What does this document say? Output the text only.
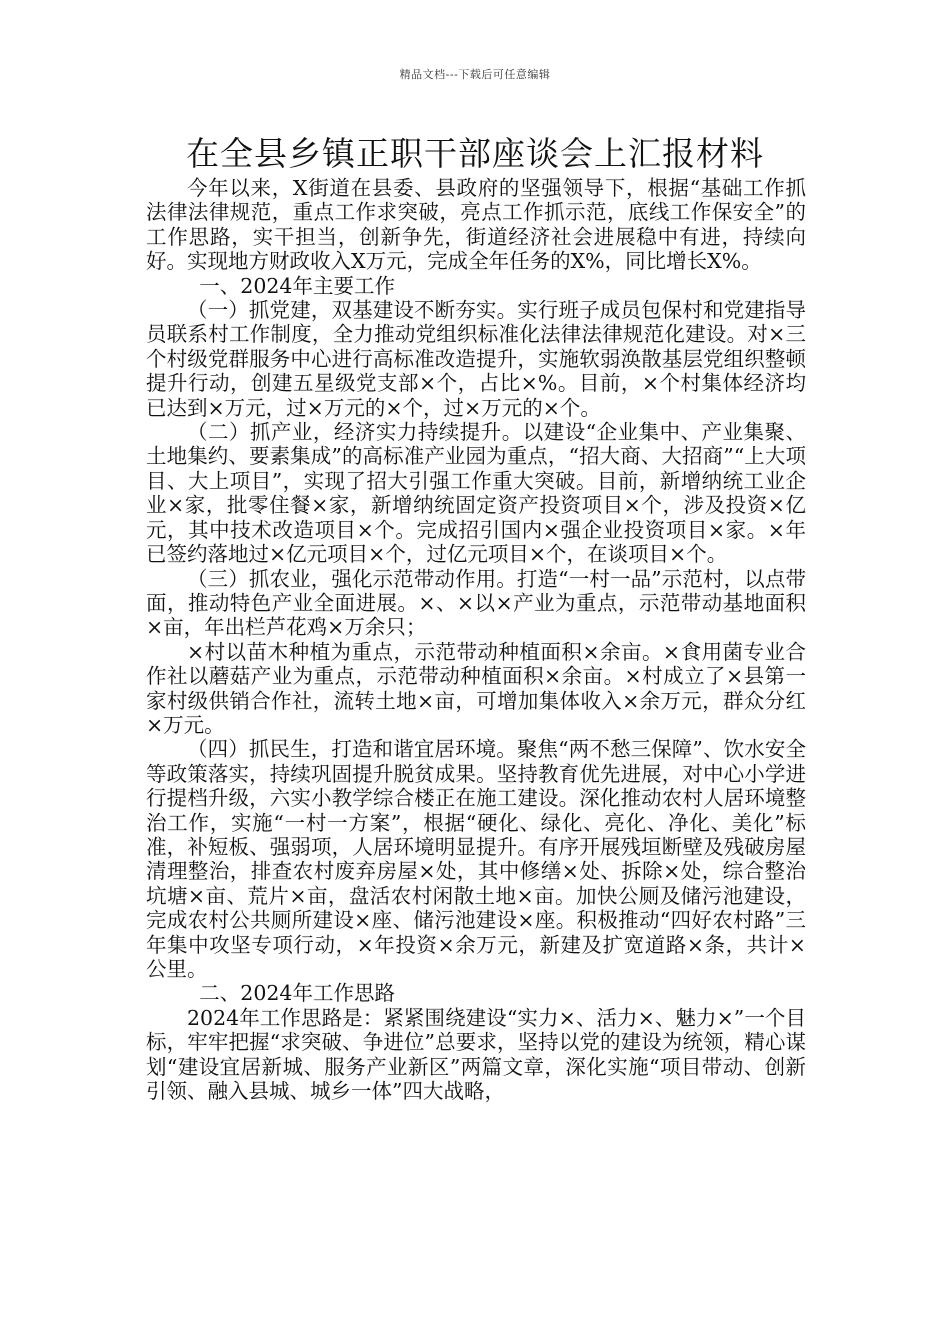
精品文档---下载后可任意编辑
在全县乡镇正职干部座谈会上汇报材料

今年以来，X街道在县委、县政府的坚强领导下，根据“基础工作抓法律法律规范，重点工作求突破，亮点工作抓示范，底线工作保安全”的工作思路，实干担当，创新争先，街道经济社会进展稳中有进，持续向好。实现地方财政收入X万元，完成全年任务的X%，同比增长X%。

一、2024年主要工作

（一）抓党建，双基建设不断夯实。实行班子成员包保村和党建指导员联系村工作制度，全力推动党组织标准化法律法律规范化建设。对×三个村级党群服务中心进行高标准改造提升，实施软弱涣散基层党组织整顿提升行动，创建五星级党支部×个，占比×%。目前，×个村集体经济均已达到×万元，过×万元的×个，过×万元的×个。

（二）抓产业，经济实力持续提升。以建设“企业集中、产业集聚、土地集约、要素集成”的高标准产业园为重点，“招大商、大招商”“上大项目、大上项目”，实现了招大引强工作重大突破。目前，新增纳统工业企业×家，批零住餐×家，新增纳统固定资产投资项目×个，涉及投资×亿元，其中技术改造项目×个。完成招引国内×强企业投资项目×家。×年已签约落地过×亿元项目×个，过亿元项目×个，在谈项目×个。

（三）抓农业，强化示范带动作用。打造“一村一品”示范村，以点带面，推动特色产业全面进展。×、×以×产业为重点，示范带动基地面积×亩，年出栏芦花鸡×万余只；

×村以苗木种植为重点，示范带动种植面积×余亩。×食用菌专业合作社以蘑菇产业为重点，示范带动种植面积×余亩。×村成立了×县第一家村级供销合作社，流转土地×亩，可增加集体收入×余万元，群众分红×万元。

（四）抓民生，打造和谐宜居环境。聚焦“两不愁三保障”、饮水安全等政策落实，持续巩固提升脱贫成果。坚持教育优先进展，对中心小学进行提档升级，六实小教学综合楼正在施工建设。深化推动农村人居环境整治工作，实施“一村一方案”，根据“硬化、绿化、亮化、净化、美化”标准，补短板、强弱项，人居环境明显提升。有序开展残垣断壁及残破房屋清理整治，排查农村废弃房屋×处，其中修缮×处、拆除×处，综合整治坑塘×亩、荒片×亩，盘活农村闲散土地×亩。加快公厕及储污池建设，完成农村公共厕所建设×座、储污池建设×座。积极推动“四好农村路”三年集中攻坚专项行动，×年投资×余万元，新建及扩宽道路×条，共计×公里。

二、2024年工作思路

2024年工作思路是：紧紧围绕建设“实力×、活力×、魅力×”一个目标，牢牢把握“求突破、争进位”总要求，坚持以党的建设为统领，精心谋划“建设宜居新城、服务产业新区”两篇文章，深化实施“项目带动、创新引领、融入县城、城乡一体”四大战略，
